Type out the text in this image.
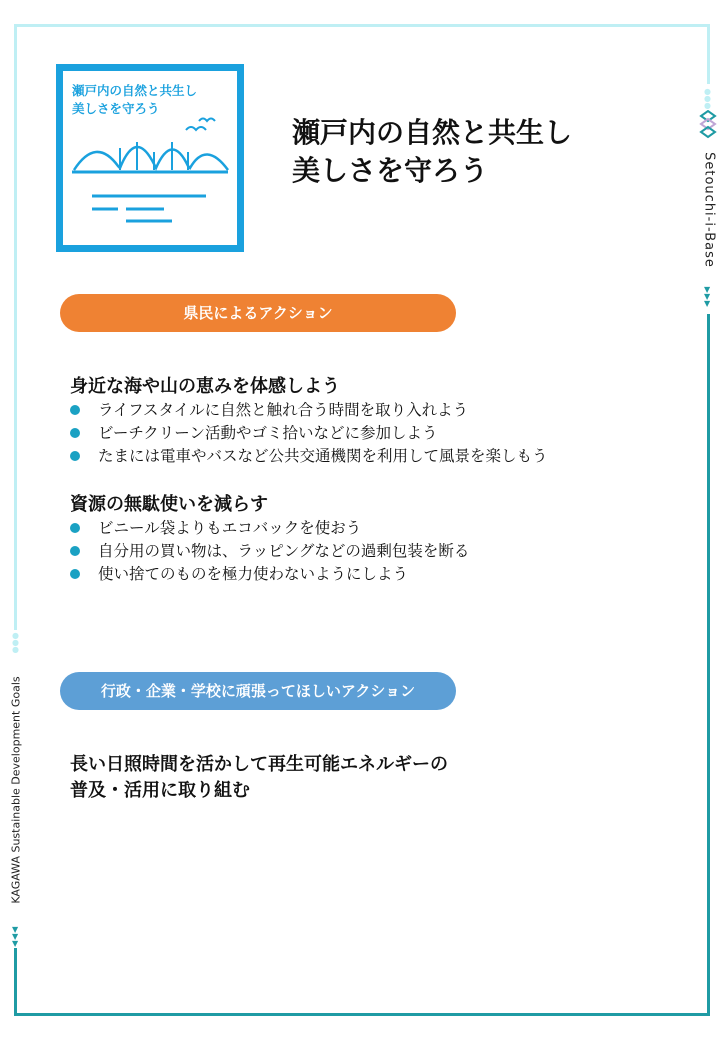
●
●
●
Setouchi-i-Base
▼
▼
▼
●
●
●
KAGAWA Sustainable Development Goals
▼
▼
▼
瀬戸内の自然と共生し
美しさを守ろう
瀬戸内の自然と共生し
美しさを守ろう
県民によるアクション
身近な海や山の恵みを体感しよう
ライフスタイルに自然と触れ合う時間を取り入れよう
ビーチクリーン活動やゴミ拾いなどに参加しよう
たまには電車やバスなど公共交通機関を利用して風景を楽しもう
資源の無駄使いを減らす
ビニール袋よりもエコバックを使おう
自分用の買い物は、ラッピングなどの過剰包装を断る
使い捨てのものを極力使わないようにしよう
行政・企業・学校に頑張ってほしいアクション

長い日照時間を活かして再生可能エネルギーの
普及・活用に取り組む
